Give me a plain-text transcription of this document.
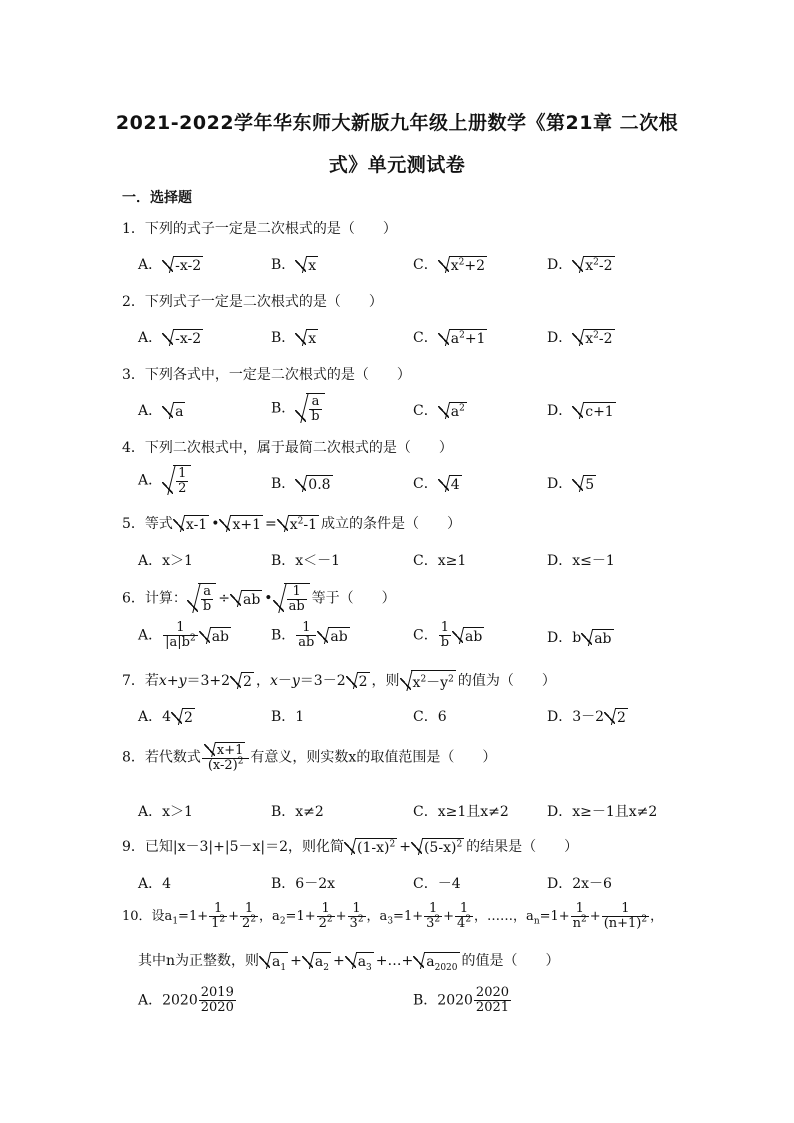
2021-2022学年华东师大新版九年级上册数学《第21章 二次根
式》单元测试卷
一．选择题
1．下列的式子一定是二次根式的是（　　）
A． -x-2	B． x	C． $x^2+2$	D． $x^2-2$
2．下列式子一定是二次根式的是（　　）
A． -x-2	B． x	C． $a^2+1$	D． $x^2-2$
3．下列各式中，一定是二次根式的是（　　）
A． a	B． $\frac{a}{b}$	C． $a^2$	D． c+1
4．下列二次根式中，属于最简二次根式的是（　　）
A． $\frac{1}{2}$	B． 0.8	C． 4	D． 5
5．等式 x-1 • $x+1 = x^2-1$ 成立的条件是（　　）
A．x＞1	B．x＜－1	C．x≥1	D．x≤－1
6．计算： $\frac{a}{b}$ ÷ ab • $\frac{1}{ab}$ 等于（　　）
A． $\frac{1}{|a|b^2}$ ab	B． $\frac{1}{ab}$ ab	C． $\frac{1}{b}$ ab	D．b ab
7．若x+y＝3+2 2 ，x－y＝3－2 2 ，则 $x^2-y^2$ 的值为（　　）
A．4 2	B．1	C．6	D．3－2 2
8．若代数式 $\frac{x+1}{(x-2)^2}$ 有意义，则实数x的取值范围是（　　）
A．x＞1	B．x≠2	C．x≥1且x≠2	D．x≥－1且x≠2
9．已知|x－3|+|5－x|＝2，则化简 $(1-x)^2 + (5-x)^2$ 的结果是（　　）
A．4	B．6－2x	C．－4	D．2x－6
10．设$a_1=1+ \frac{1}{1^2} + \frac{1}{2^2}$ ，$a_2=1+ \frac{1}{2^2} + \frac{1}{3^2}$ ，$a_3=1+ \frac{1}{3^2} + \frac{1}{4^2}$ ，……，$a_n=1+ \frac{1}{n^2} + \frac{1}{(n+1)^2}$ ，
其中n为正整数，则 $a_1 + a_2 + a_3$ +…+ $a_{2020}$ 的值是（　　）
A．$2020 \frac{2019}{2020}$	B．$2020 \frac{2020}{2021}$
